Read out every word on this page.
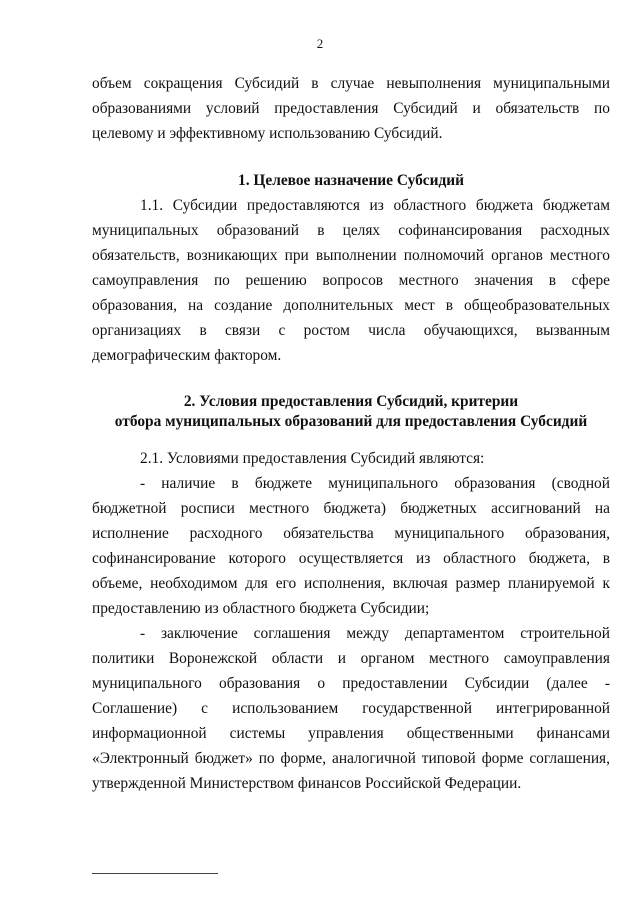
2

объем сокращения Субсидий в случае невыполнения муниципальными образованиями условий предоставления Субсидий и обязательств по целевому и эффективному использованию Субсидий.

1. Целевое назначение Субсидий

1.1. Субсидии предоставляются из областного бюджета бюджетам муниципальных образований в целях софинансирования расходных обязательств, возникающих при выполнении полномочий органов местного самоуправления по решению вопросов местного значения в сфере образования, на создание дополнительных мест в общеобразовательных организациях в связи с ростом числа обучающихся, вызванным демографическим фактором.

2. Условия предоставления Субсидий, критерии
отбора муниципальных образований для предоставления Субсидий

2.1. Условиями предоставления Субсидий являются:

- наличие в бюджете муниципального образования (сводной бюджетной росписи местного бюджета) бюджетных ассигнований на исполнение расходного обязательства муниципального образования, софинансирование которого осуществляется из областного бюджета, в объеме, необходимом для его исполнения, включая размер планируемой к предоставлению из областного бюджета Субсидии;

- заключение соглашения между департаментом строительной политики Воронежской области и органом местного самоуправления муниципального образования о предоставлении Субсидии (далее - Соглашение) с использованием государственной интегрированной информационной системы управления общественными финансами «Электронный бюджет» по форме, аналогичной типовой форме соглашения, утвержденной Министерством финансов Российской Федерации.
